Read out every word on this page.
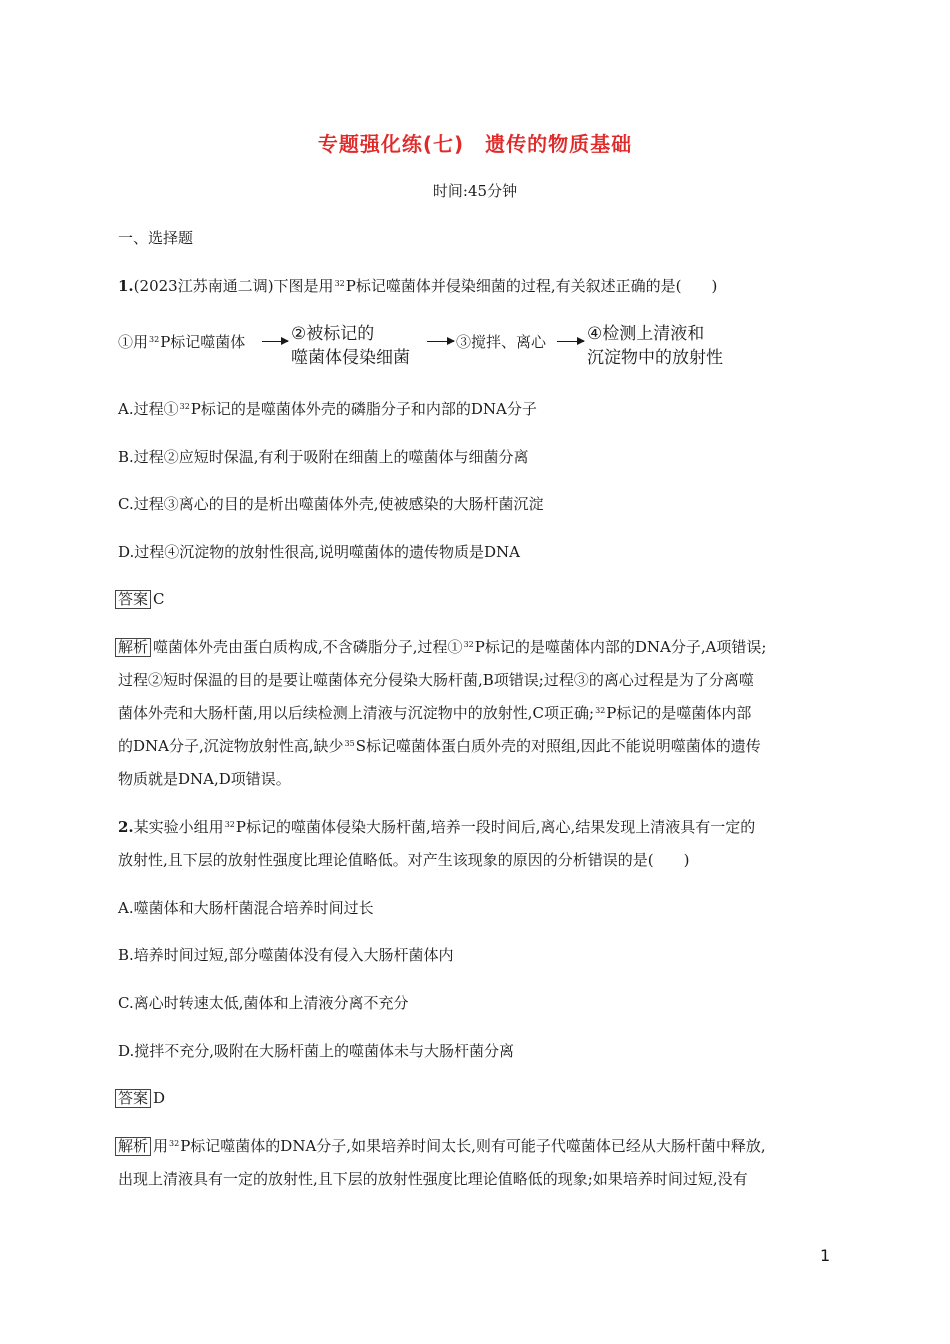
专题强化练(七)　遗传的物质基础
时间:45分钟
一、选择题
1.(2023江苏南通二调)下图是用$^{32}$P标记噬菌体并侵染细菌的过程,有关叙述正确的是(　　)
①用$^{32}$P标记噬菌体	②被标记的
噬菌体侵染细菌
③搅拌、离心 ④检测上清液和
沉淀物中的放射性
A.过程①$^{32}$P标记的是噬菌体外壳的磷脂分子和内部的DNA分子
B.过程②应短时保温,有利于吸附在细菌上的噬菌体与细菌分离
C.过程③离心的目的是析出噬菌体外壳,使被感染的大肠杆菌沉淀
D.过程④沉淀物的放射性很高,说明噬菌体的遗传物质是DNA
答案 C
解析 噬菌体外壳由蛋白质构成,不含磷脂分子,过程①$^{32}$P标记的是噬菌体内部的DNA分子,A项错误;
过程②短时保温的目的是要让噬菌体充分侵染大肠杆菌,B项错误;过程③的离心过程是为了分离噬
菌体外壳和大肠杆菌,用以后续检测上清液与沉淀物中的放射性,C项正确;$^{32}$P标记的是噬菌体内部
的DNA分子,沉淀物放射性高,缺少$^{35}$S标记噬菌体蛋白质外壳的对照组,因此不能说明噬菌体的遗传
物质就是DNA,D项错误。
2.某实验小组用$^{32}$P标记的噬菌体侵染大肠杆菌,培养一段时间后,离心,结果发现上清液具有一定的
放射性,且下层的放射性强度比理论值略低。对产生该现象的原因的分析错误的是(　　)
A.噬菌体和大肠杆菌混合培养时间过长
B.培养时间过短,部分噬菌体没有侵入大肠杆菌体内
C.离心时转速太低,菌体和上清液分离不充分
D.搅拌不充分,吸附在大肠杆菌上的噬菌体未与大肠杆菌分离
答案 D
解析 用$^{32}$P标记噬菌体的DNA分子,如果培养时间太长,则有可能子代噬菌体已经从大肠杆菌中释放,
出现上清液具有一定的放射性,且下层的放射性强度比理论值略低的现象;如果培养时间过短,没有
1
